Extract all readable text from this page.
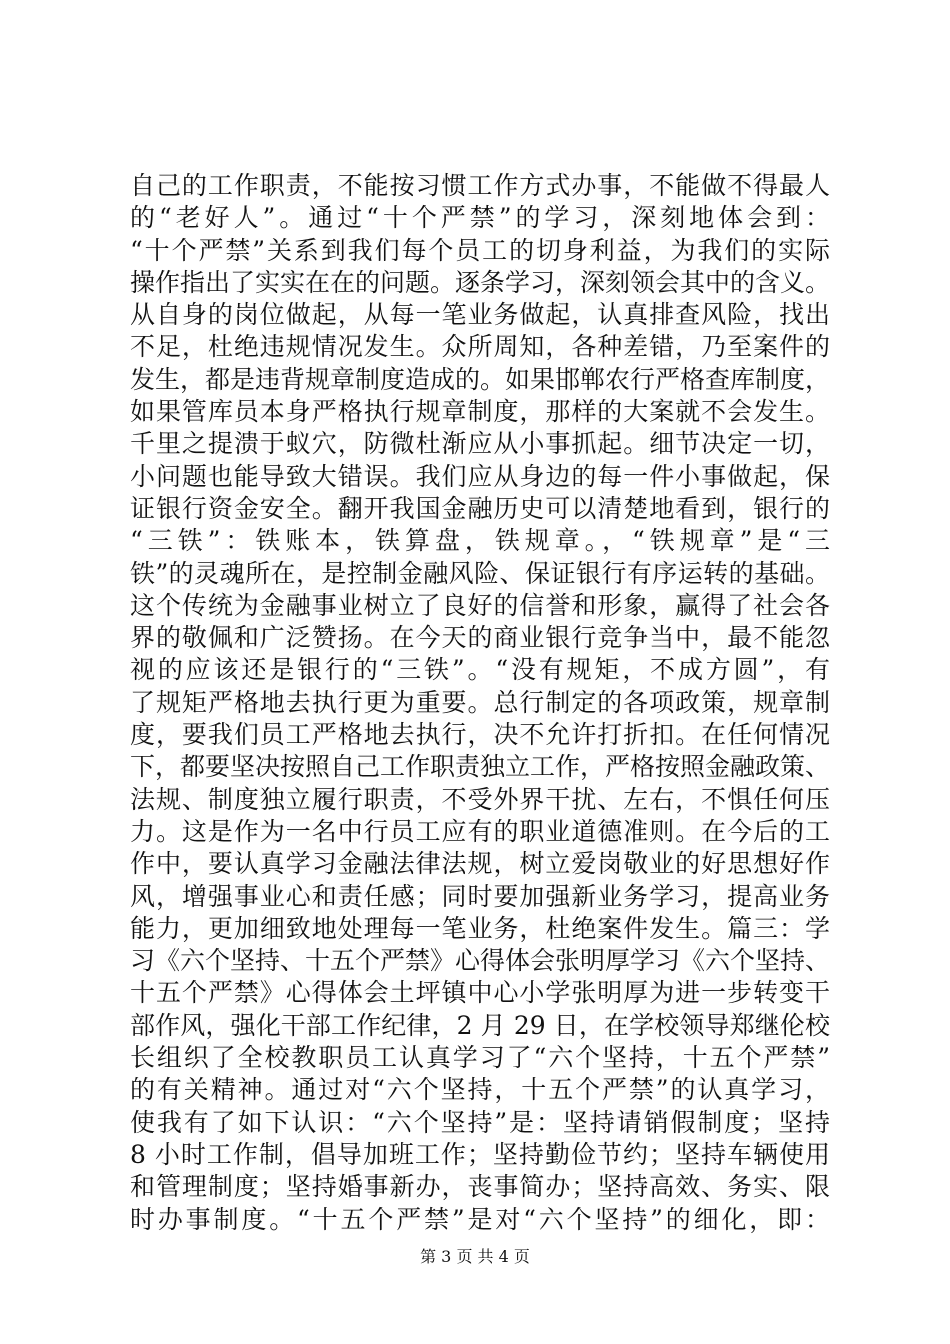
自己的工作职责，不能按习惯工作方式办事，不能做不得最人
的“老好人”。通过“十个严禁”的学习，深刻地体会到：
“十个严禁”关系到我们每个员工的切身利益，为我们的实际
操作指出了实实在在的问题。逐条学习，深刻领会其中的含义。
从自身的岗位做起，从每一笔业务做起，认真排查风险，找出
不足，杜绝违规情况发生。众所周知，各种差错，乃至案件的
发生，都是违背规章制度造成的。如果邯郸农行严格查库制度，
如果管库员本身严格执行规章制度，那样的大案就不会发生。
千里之提溃于蚁穴，防微杜渐应从小事抓起。细节决定一切，
小问题也能导致大错误。我们应从身边的每一件小事做起，保
证银行资金安全。翻开我国金融历史可以清楚地看到，银行的
“三铁”：铁账本，铁算盘，铁规章。，“铁规章”是“三
铁”的灵魂所在，是控制金融风险、保证银行有序运转的基础。
这个传统为金融事业树立了良好的信誉和形象，赢得了社会各
界的敬佩和广泛赞扬。在今天的商业银行竞争当中，最不能忽
视的应该还是银行的“三铁”。“没有规矩，不成方圆”，有
了规矩严格地去执行更为重要。总行制定的各项政策，规章制
度，要我们员工严格地去执行，决不允许打折扣。在任何情况
下，都要坚决按照自己工作职责独立工作，严格按照金融政策、
法规、制度独立履行职责，不受外界干扰、左右，不惧任何压
力。这是作为一名中行员工应有的职业道德准则。在今后的工
作中，要认真学习金融法律法规，树立爱岗敬业的好思想好作
风，增强事业心和责任感；同时要加强新业务学习，提高业务
能力，更加细致地处理每一笔业务，杜绝案件发生。篇三：学
习《六个坚持、十五个严禁》心得体会张明厚学习《六个坚持、
十五个严禁》心得体会土坪镇中心小学张明厚为进一步转变干
部作风，强化干部工作纪律，2 月 29 日，在学校领导郑继伦校
长组织了全校教职员工认真学习了“六个坚持，十五个严禁”
的有关精神。通过对“六个坚持，十五个严禁”的认真学习，
使我有了如下认识：“六个坚持”是：坚持请销假制度；坚持
8 小时工作制，倡导加班工作；坚持勤俭节约；坚持车辆使用
和管理制度；坚持婚事新办，丧事简办；坚持高效、务实、限
时办事制度。“十五个严禁”是对“六个坚持”的细化，即：
第 3 页 共 4 页
